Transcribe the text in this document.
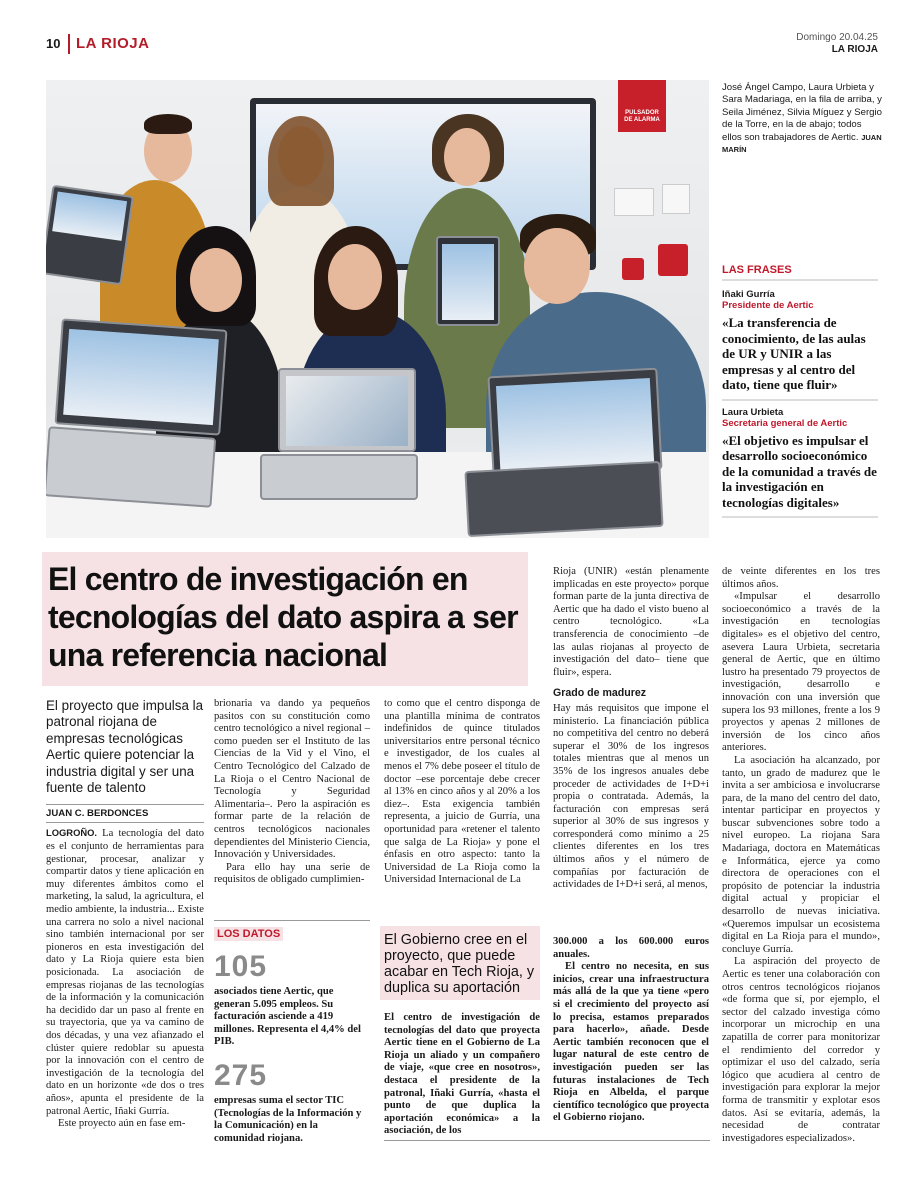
10 LA RIOJA	Domingo 20.04.25
LA RIOJA
PULSADOR
DE ALARMA
José Ángel Campo, Laura Urbieta y Sara Madariaga, en la fila de arriba, y Seila Jiménez, Silvia Míguez y Sergio de la Torre, en la de abajo; todos ellos son trabajadores de Aertic. JUAN MARÍN
LAS FRASES
Iñaki Gurría
Presidente de Aertic
«La transferencia de conocimiento, de las aulas de UR y UNIR a las empresas y al centro del dato, tiene que fluir»
Laura Urbieta
Secretaria general de Aertic
«El objetivo es impulsar el desarrollo socioeconómico de la comunidad a través de la investigación en tecnologías digitales»
El centro de investigación en tecnologías del dato aspira a ser una referencia nacional
El proyecto que impulsa la patronal riojana de empresas tecnológicas Aertic quiere potenciar la industria digital y ser una fuente de talento
JUAN C. BERDONCES

LOGROÑO. La tecnología del dato es el conjunto de herramientas para gestionar, procesar, analizar y compartir datos y tiene aplicación en muy diferentes ámbitos como el marketing, la salud, la agricultura, el medio ambiente, la industria... Existe una carrera no solo a nivel nacional sino también internacional por ser pioneros en esta investigación del dato y La Rioja quiere esta bien posicionada. La asociación de empresas riojanas de las tecnologías de la información y la comunicación ha decidido dar un paso al frente en su trayectoria, que ya va camino de dos décadas, y una vez afianzado el clúster quiere redoblar su apuesta por la innovación con el centro de investigación de la tecnología del dato en un horizonte «de dos o tres años», apunta el presidente de la patronal Aertic, Iñaki Gurría.

Este proyecto aún en fase em-

brionaria va dando ya pequeños pasitos con su constitución como centro tecnológico a nivel regional –como pueden ser el Instituto de las Ciencias de la Vid y el Vino, el Centro Tecnológico del Calzado de La Rioja o el Centro Nacional de Tecnología y Seguridad Alimentaria–. Pero la aspiración es formar parte de la relación de centros tecnológicos nacionales dependientes del Ministerio Ciencia, Innovación y Universidades.

Para ello hay una serie de requisitos de obligado cumplimien-

to como que el centro disponga de una plantilla mínima de contratos indefinidos de quince titulados universitarios entre personal técnico e investigador, de los cuales al menos el 7% debe poseer el título de doctor –ese porcentaje debe crecer al 13% en cinco años y al 20% a los diez–. Esta exigencia también representa, a juicio de Gurría, una oportunidad para «retener el talento que salga de La Rioja» y pone el énfasis en otro aspecto: tanto la Universidad de La Rioja como la Universidad Internacional de La

Rioja (UNIR) «están plenamente implicadas en este proyecto» porque forman parte de la junta directiva de Aertic que ha dado el visto bueno al centro tecnológico. «La transferencia de conocimiento –de las aulas riojanas al proyecto de investigación del dato– tiene que fluir», espera.

Grado de madurez

Hay más requisitos que impone el ministerio. La financiación pública no competitiva del centro no deberá superar el 30% de los ingresos totales mientras que al menos un 35% de los ingresos anuales debe proceder de actividades de I+D+i propia o contratada. Además, la facturación con empresas será superior al 30% de sus ingresos y corresponderá como mínimo a 25 clientes diferentes en los tres últimos años y el número de compañías por facturación de actividades de I+D+i será, al menos,

de veinte diferentes en los tres últimos años.

«Impulsar el desarrollo socioeconómico a través de la investigación en tecnologías digitales» es el objetivo del centro, asevera Laura Urbieta, secretaria general de Aertic, que en último lustro ha presentado 79 proyectos de investigación, desarrollo e innovación con una inversión que supera los 93 millones, frente a los 9 proyectos y apenas 2 millones de inversión de los cinco años anteriores.

La asociación ha alcanzado, por tanto, un grado de madurez que le invita a ser ambiciosa e involucrarse para, de la mano del centro del dato, intentar participar en proyectos y buscar subvenciones sobre todo a nivel europeo. La riojana Sara Madariaga, doctora en Matemáticas e Informática, ejerce ya como directora de operaciones con el propósito de potenciar la industria digital actual y propiciar el desarrollo de nuevas iniciativa. «Queremos impulsar un ecosistema digital en La Rioja para el mundo», concluye Gurría.

La aspiración del proyecto de Aertic es tener una colaboración con otros centros tecnológicos riojanos «de forma que sí, por ejemplo, el sector del calzado investiga cómo incorporar un microchip en una zapatilla de correr para monitorizar el rendimiento del corredor y optimizar el uso del calzado, sería lógico que acudiera al centro de investigación para explorar la mejor forma de transmitir y explotar esos datos. Así se evitaría, además, la necesidad de contratar investigadores especializados».

LOS DATOS
105
asociados tiene Aertic, que generan 5.095 empleos. Su facturación asciende a 419 millones. Representa el 4,4% del PIB.
275
empresas suma el sector TIC (Tecnologías de la Información y la Comunicación) en la comunidad riojana.
El Gobierno cree en el proyecto, que puede acabar en Tech Rioja, y duplica su aportación

El centro de investigación de tecnologías del dato que proyecta Aertic tiene en el Gobierno de La Rioja un aliado y un compañero de viaje, «que cree en nosotros», destaca el presidente de la patronal, Iñaki Gurría, «hasta el punto de que duplica la aportación económica» a la asociación, de los

300.000 a los 600.000 euros anuales.

El centro no necesita, en sus inicios, crear una infraestructura más allá de la que ya tiene «pero si el crecimiento del proyecto así lo precisa, estamos preparados para hacerlo», añade. Desde Aertic también reconocen que el lugar natural de este centro de investigación pueden ser las futuras instalaciones de Tech Rioja en Albelda, el parque científico tecnológico que proyecta el Gobierno riojano.
